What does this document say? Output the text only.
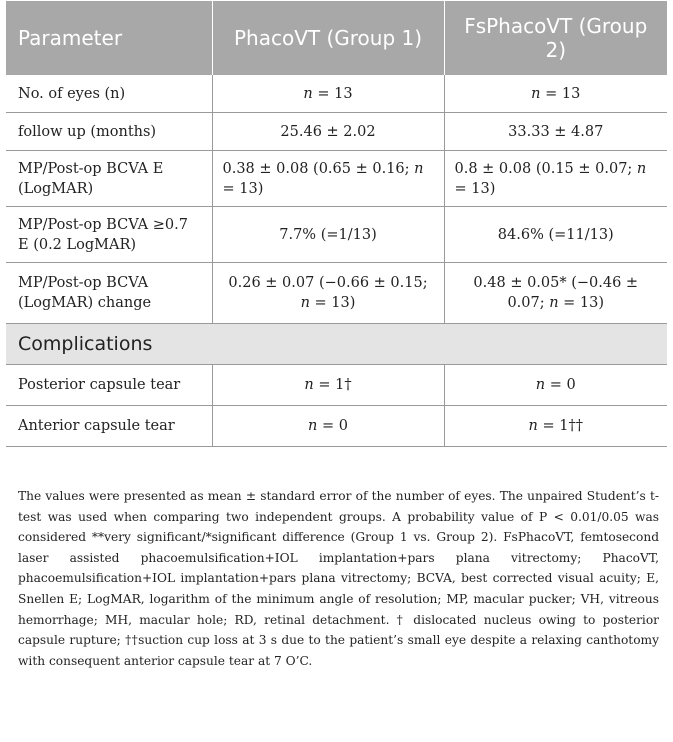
Parameter	PhacoVT (Group 1)	FsPhacoVT (Group 2)
No. of eyes (n)	n = 13	n = 13
follow up (months)	25.46 ± 2.02	33.33 ± 4.87
MP/Post-op BCVA E (LogMAR)	0.38 ± 0.08 (0.65 ± 0.16; n = 13)	0.8 ± 0.08 (0.15 ± 0.07; n = 13)
MP/Post-op BCVA ≥0.7 E (0.2 LogMAR)	7.7% (=1/13)	84.6% (=11/13)
MP/Post-op BCVA (LogMAR) change	0.26 ± 0.07 (−0.66 ± 0.15; n = 13)	0.48 ± 0.05* (−0.46 ± 0.07; n = 13)
Complications		
Posterior capsule tear	n = 1†	n = 0
Anterior capsule tear	n = 0	n = 1††

The values were presented as mean ± standard error of the number of eyes. The unpaired Student’s t-test was used when comparing two independent groups. A probability value of P < 0.01/0.05 was considered **very significant/*significant difference (Group 1 vs. Group 2). FsPhacoVT, femtosecond laser assisted phacoemulsification+IOL implantation+pars plana vitrectomy; PhacoVT, phacoemulsification+IOL implantation+pars plana vitrectomy; BCVA, best corrected visual acuity; E, Snellen E; LogMAR, logarithm of the minimum angle of resolution; MP, macular pucker; VH, vitreous hemorrhage; MH, macular hole; RD, retinal detachment. † dislocated nucleus owing to posterior capsule rupture; ††suction cup loss at 3 s due to the patient’s small eye despite a relaxing canthotomy with consequent anterior capsule tear at 7 O’C.
